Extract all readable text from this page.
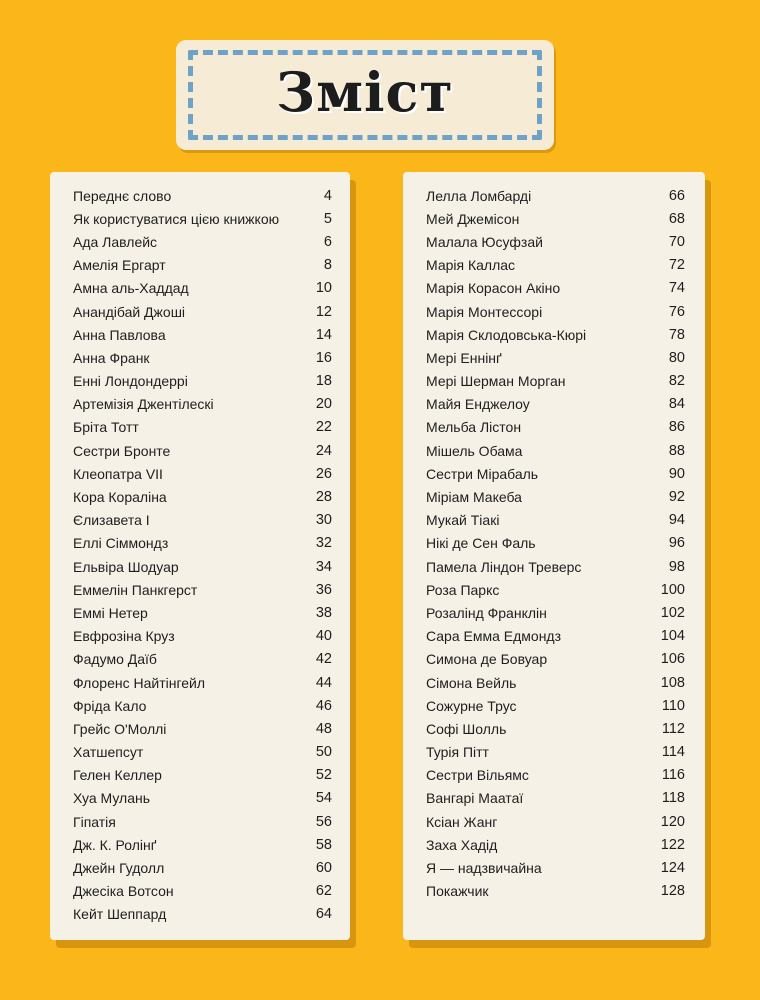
Зміст
Переднє слово	4
Як користуватися цією книжкою	5
Ада Лавлейс	6
Амелія Ергарт	8
Амна аль-Хаддад	10
Анандібай Джоші	12
Анна Павлова	14
Анна Франк	16
Енні Лондондеррі	18
Артемізія Джентілескі	20
Бріта Тотт	22
Сестри Бронте	24
Клеопатра VII	26
Кора Кораліна	28
Єлизавета I	30
Еллі Сіммондз	32
Ельвіра Шодуар	34
Еммелін Панкгерст	36
Еммі Нетер	38
Евфрозіна Круз	40
Фадумо Даїб	42
Флоренс Найтінгейл	44
Фріда Кало	46
Грейс О'Моллі	48
Хатшепсут	50
Гелен Келлер	52
Хуа Мулань	54
Гіпатія	56
Дж. К. Ролінґ	58
Джейн Гудолл	60
Джесіка Вотсон	62
Кейт Шеппард	64
Лелла Ломбарді	66
Мей Джемісон	68
Малала Юсуфзай	70
Марія Каллас	72
Марія Корасон Акіно	74
Марія Монтессорі	76
Марія Склодовська-Кюрі	78
Мері Еннінґ	80
Мері Шерман Морган	82
Майя Енджелоу	84
Мельба Лістон	86
Мішель Обама	88
Сестри Мірабаль	90
Міріам Макеба	92
Мукай Тіакі	94
Нікі де Сен Фаль	96
Памела Ліндон Треверс	98
Роза Паркс	100
Розалінд Франклін	102
Сара Емма Едмондз	104
Симона де Бовуар	106
Сімона Вейль	108
Сожурне Трус	110
Софі Шолль	112
Турія Пітт	114
Сестри Вільямс	116
Вангарі Маатаї	118
Ксіан Жанг	120
Заха Хадід	122
Я — надзвичайна	124
Покажчик	128
